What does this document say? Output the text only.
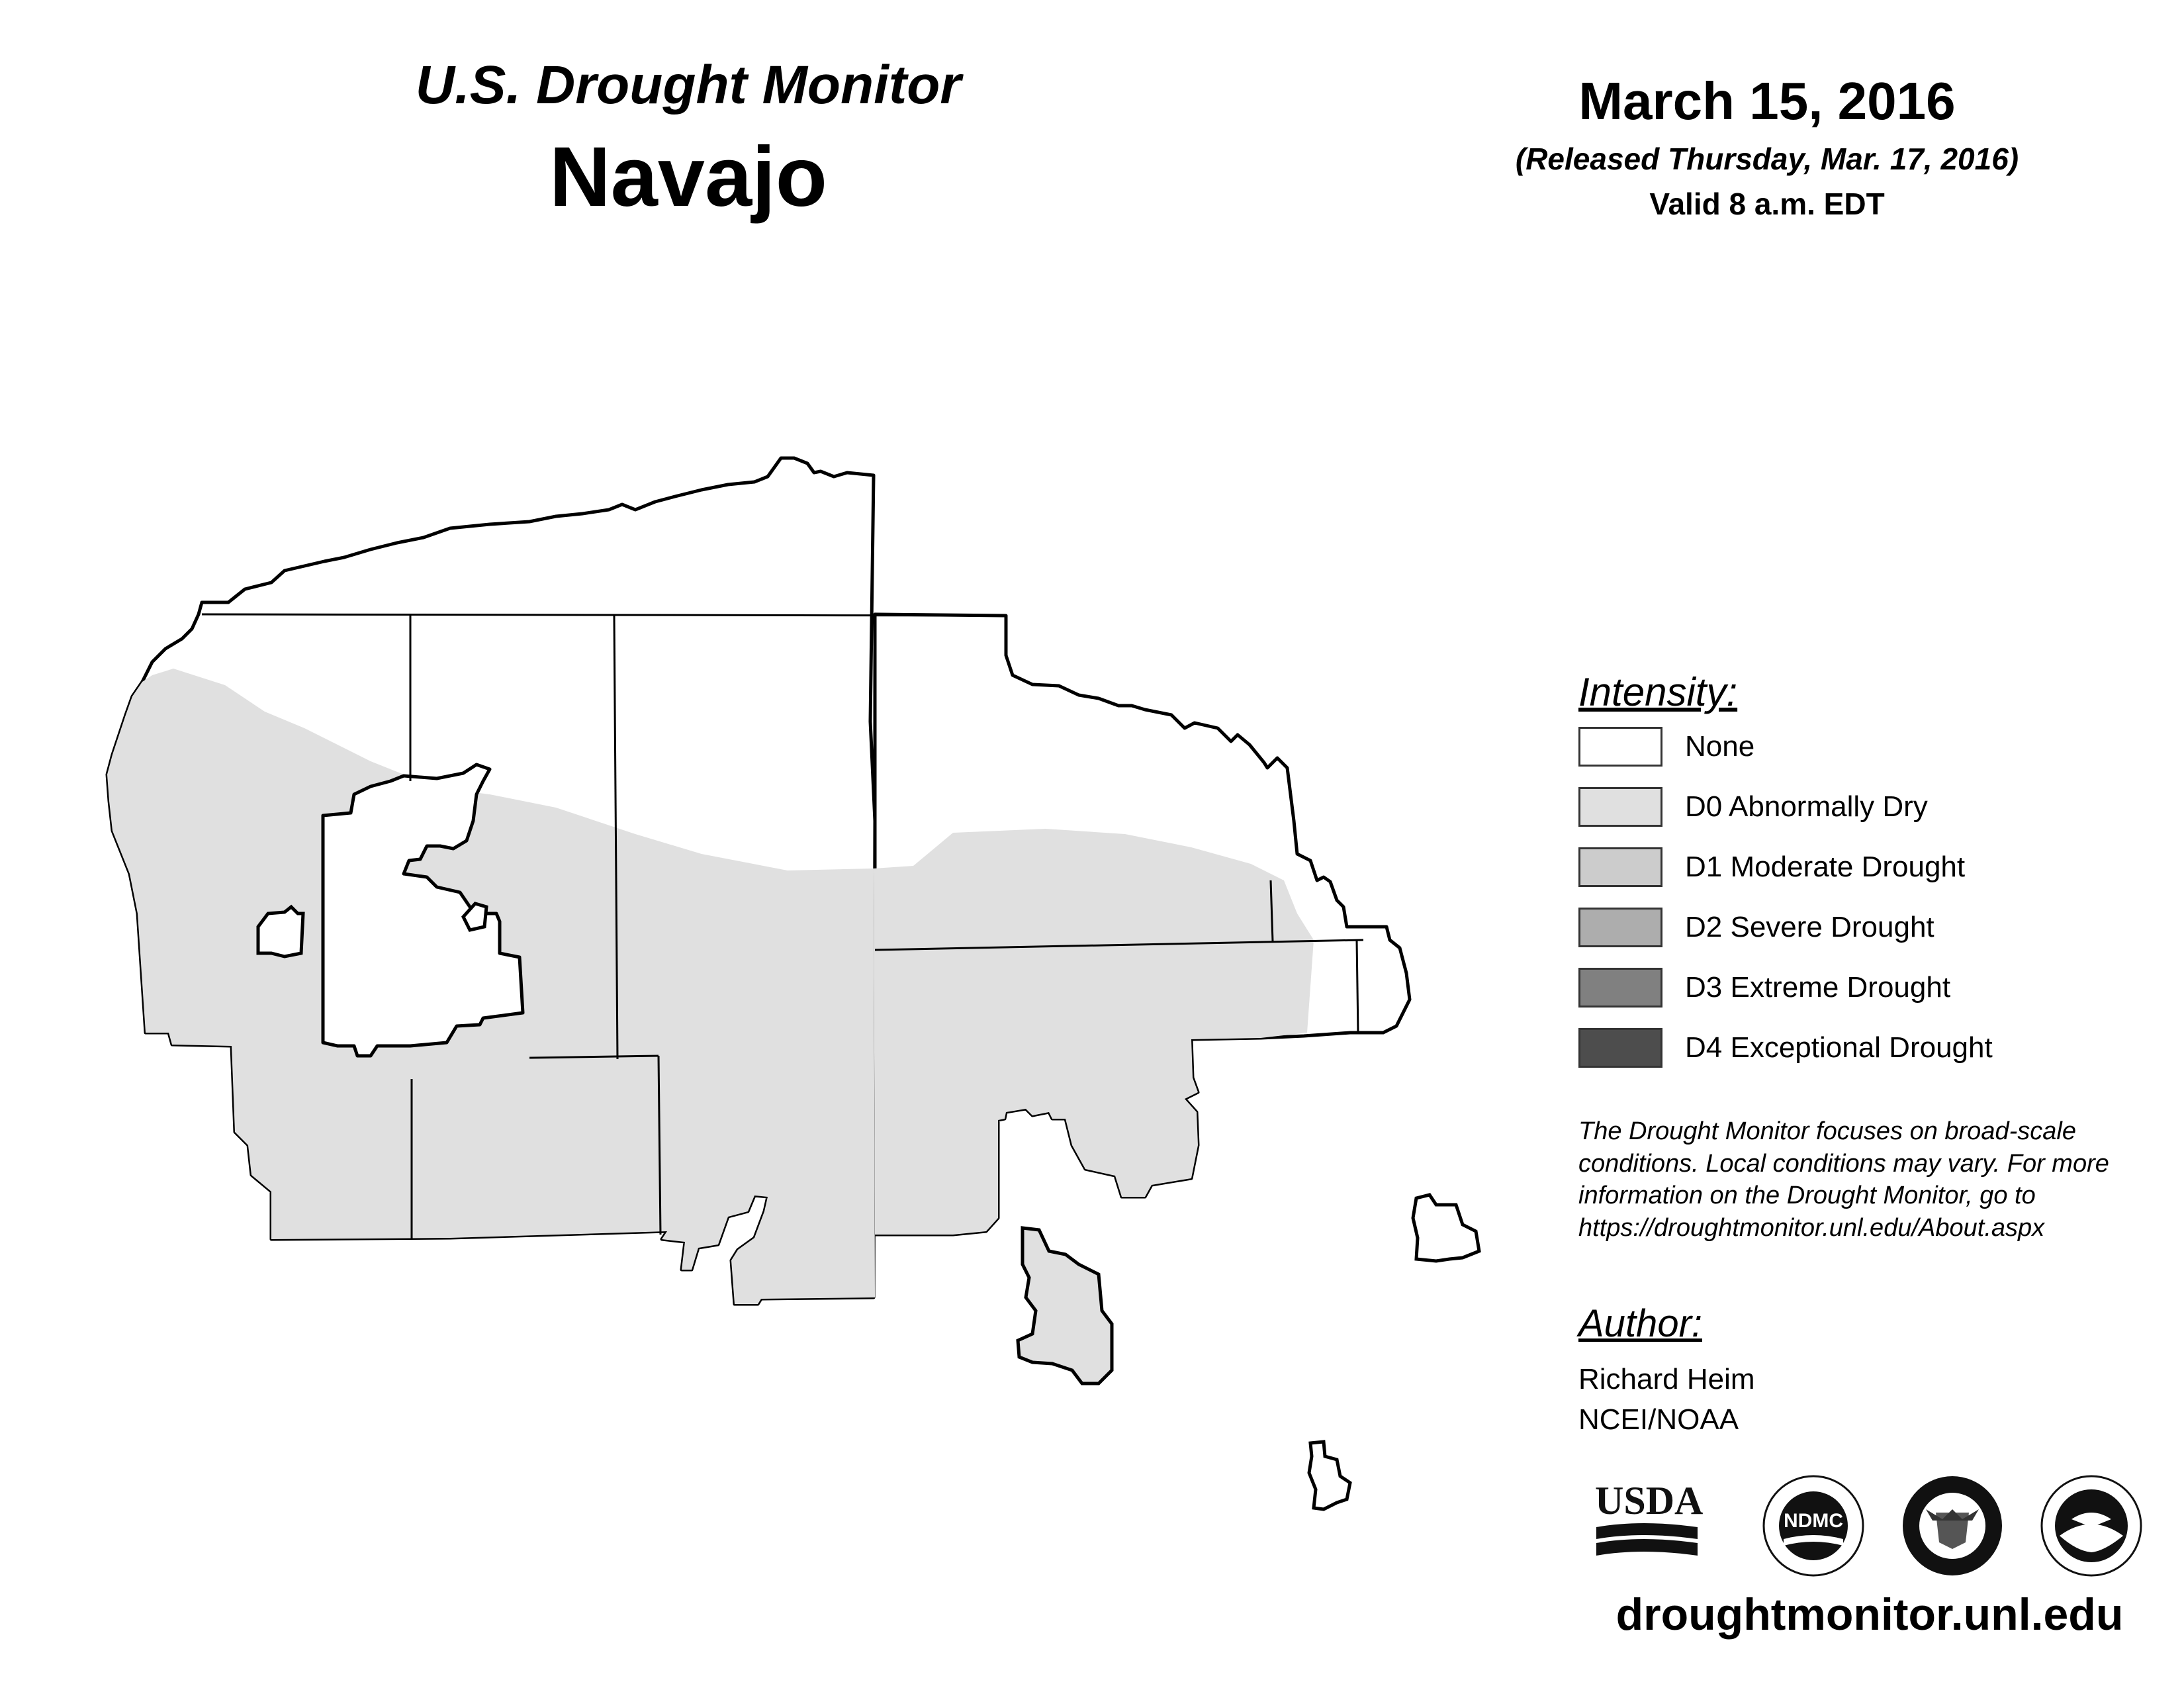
U.S. Drought Monitor
Navajo
March 15, 2016
(Released Thursday, Mar. 17, 2016)
Valid 8 a.m. EDT
Intensity:
None
D0 Abnormally Dry
D1 Moderate Drought
D2 Severe Drought
D3 Extreme Drought
D4 Exceptional Drought
The Drought Monitor focuses on broad-scale
conditions. Local conditions may vary. For more
information on the Drought Monitor, go to
https://droughtmonitor.unl.edu/About.aspx
Author:
Richard Heim
NCEI/NOAA
USDA	NDMC
droughtmonitor.unl.edu
